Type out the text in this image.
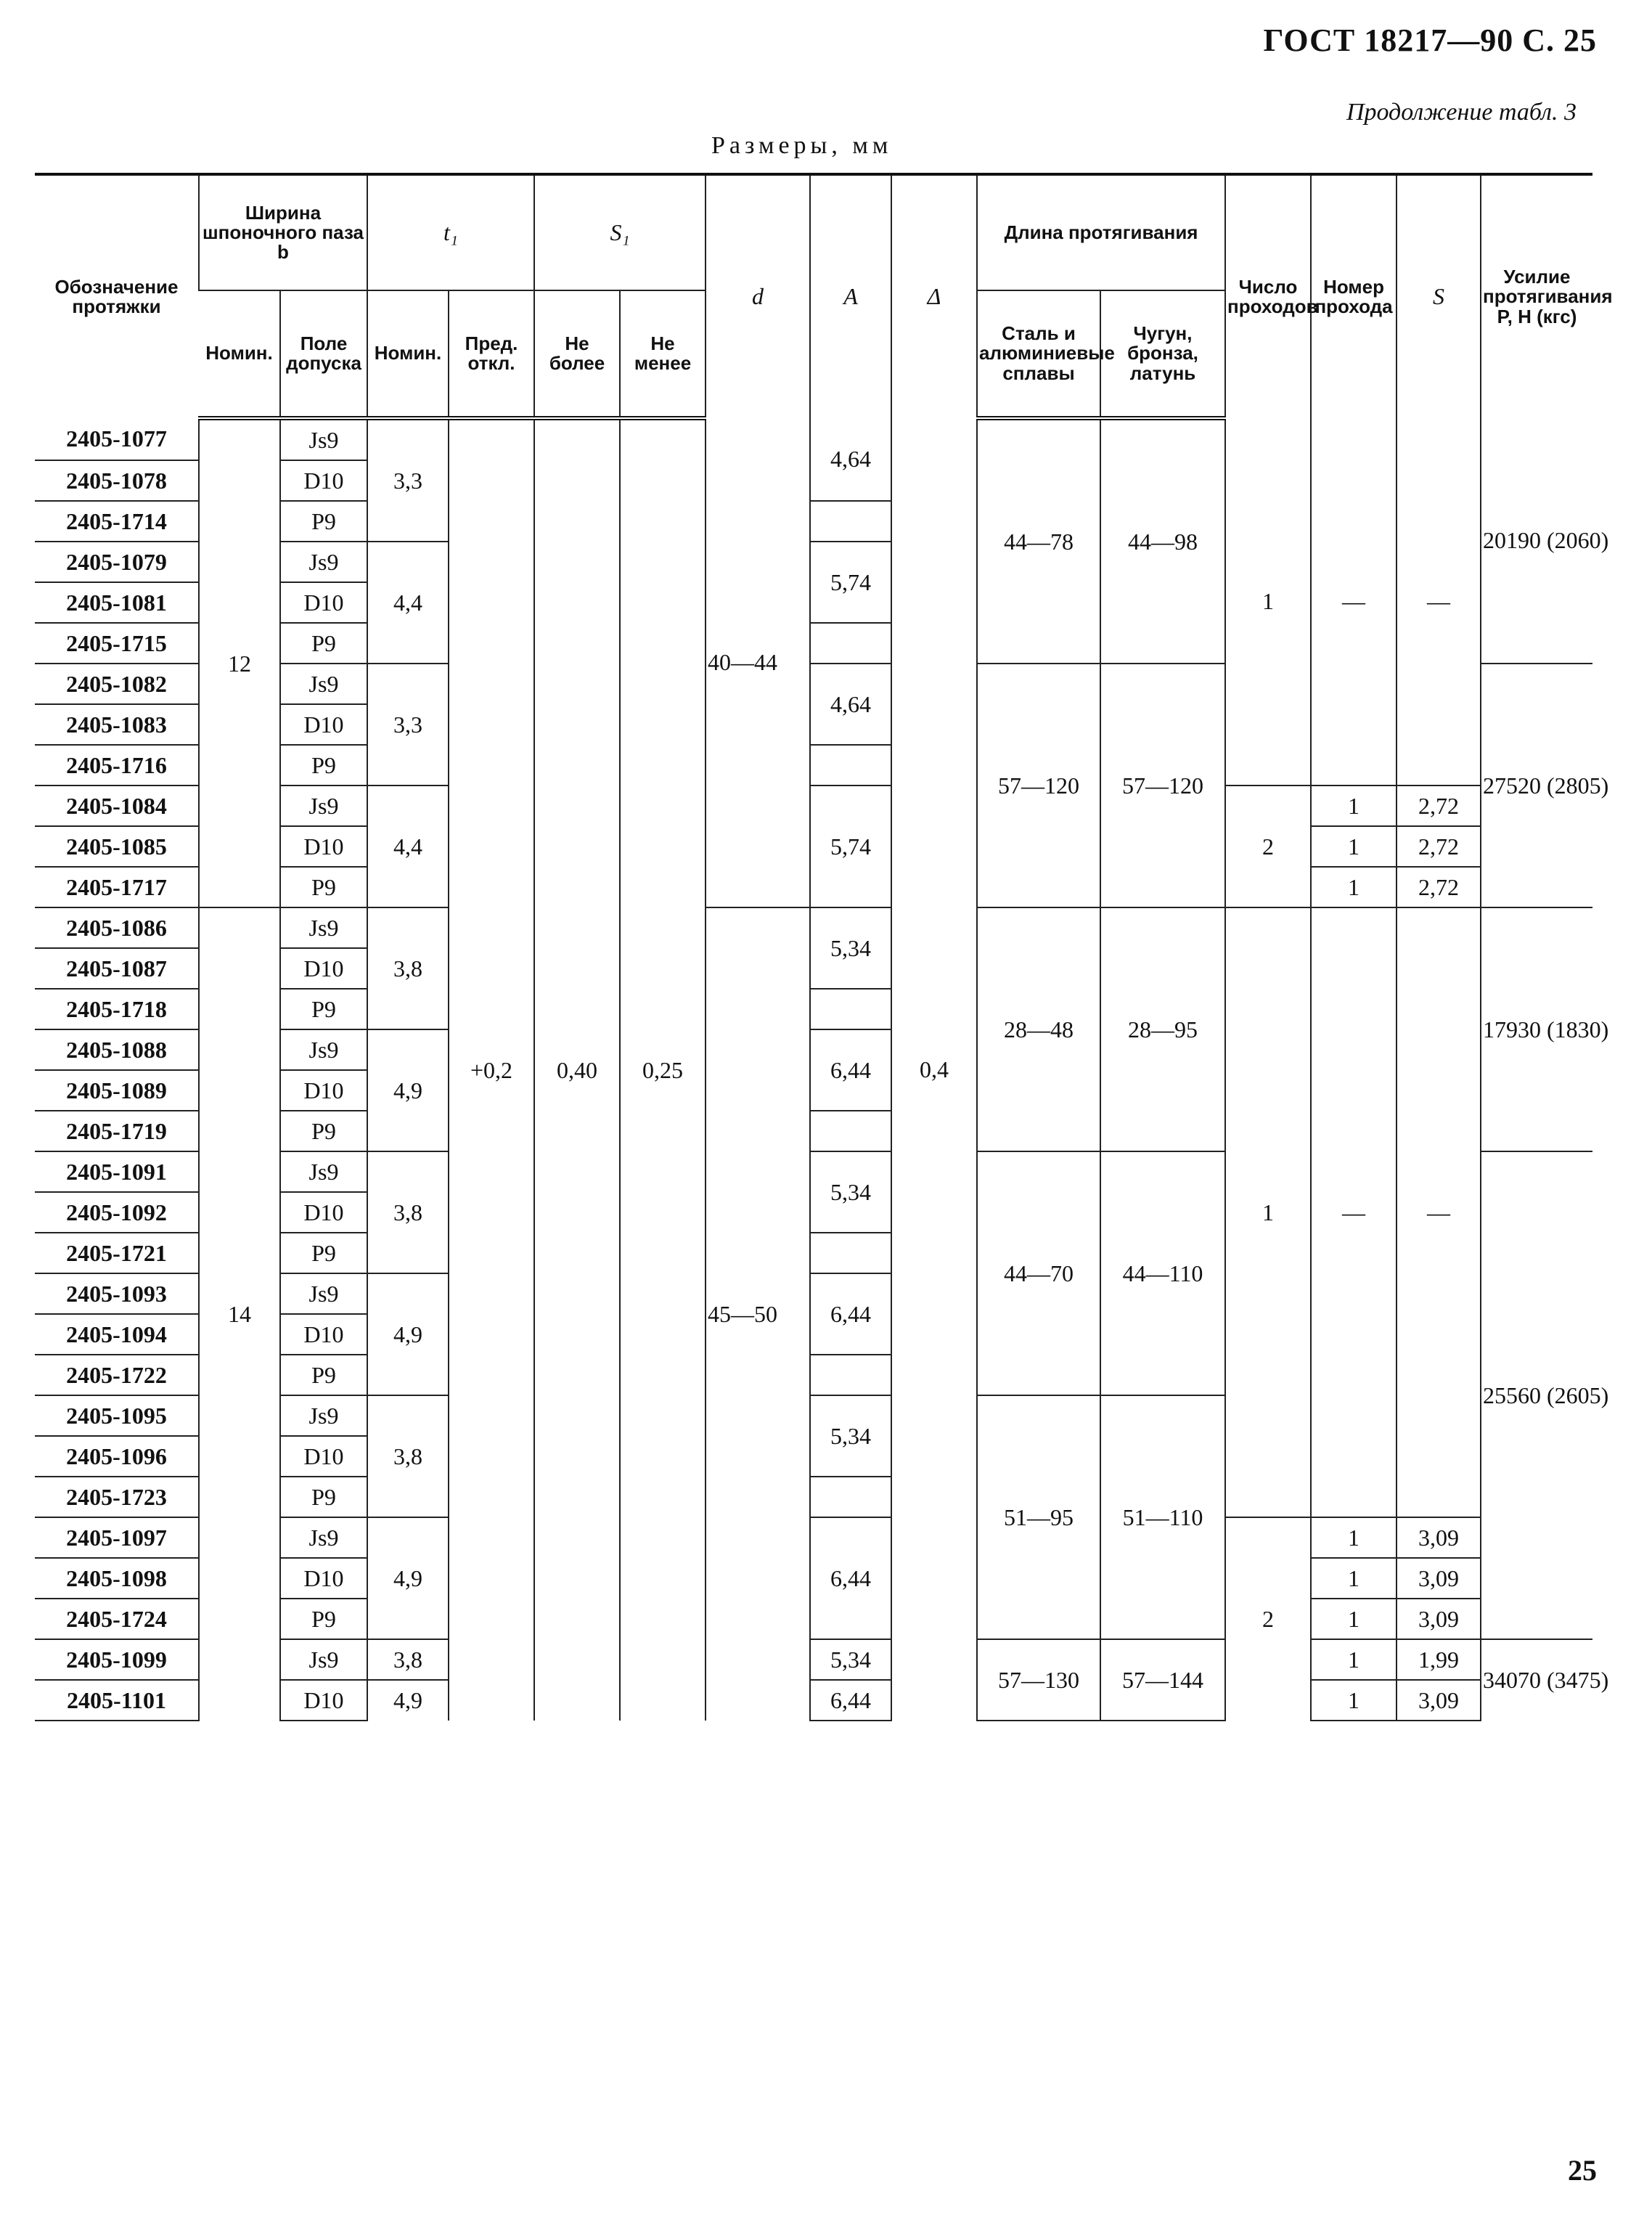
ГОСТ 18217—90 С. 25
Продолжение табл. 3
Размеры, мм
Обозначение протяжки	Ширина шпоночного паза b		t₁		S₁		d	A	Δ	Длина протягивания		Число проходов	Номер прохода	S	Усилие протягивания P, Н (кгс)
	Номин.	Поле допуска	Номин.	Пред. откл.	Не более	Не менее				Сталь и алюминиевые сплавы	Чугун, бронза, латунь				
2405-1077	12	Js9	3,3	+0,2	0,40	0,25	40—44	4,64	0,4	44—78	44—98	1	—	—	20190 (2060)
2405-1078		D10													
2405-1714		P9													
2405-1079		Js9	4,4					5,74							
2405-1081		D10													
2405-1715		P9													
2405-1082		Js9	3,3					4,64		57—120	57—120				27520 (2805)
2405-1083		D10													
2405-1716		P9													
2405-1084		Js9	4,4					5,74				2	1	2,72	
2405-1085		D10											1	2,72	
2405-1717		P9											1	2,72	
2405-1086	14	Js9	3,8				45—50	5,34		28—48	28—95	1	—	—	17930 (1830)
2405-1087		D10													
2405-1718		P9													
2405-1088		Js9	4,9					6,44							
2405-1089		D10													
2405-1719		P9													
2405-1091		Js9	3,8					5,34		44—70	44—110				25560 (2605)
2405-1092		D10													
2405-1721		P9													
2405-1093		Js9	4,9					6,44							
2405-1094		D10													
2405-1722		P9													
2405-1095		Js9	3,8					5,34		51—95	51—110				
2405-1096		D10													
2405-1723		P9													
2405-1097		Js9	4,9					6,44				2	1	3,09	
2405-1098		D10											1	3,09	
2405-1724		P9											1	3,09	
2405-1099		Js9	3,8					5,34		57—130	57—144		1	1,99	34070 (3475)
2405-1101		D10	4,9					6,44					1	3,09	
25
